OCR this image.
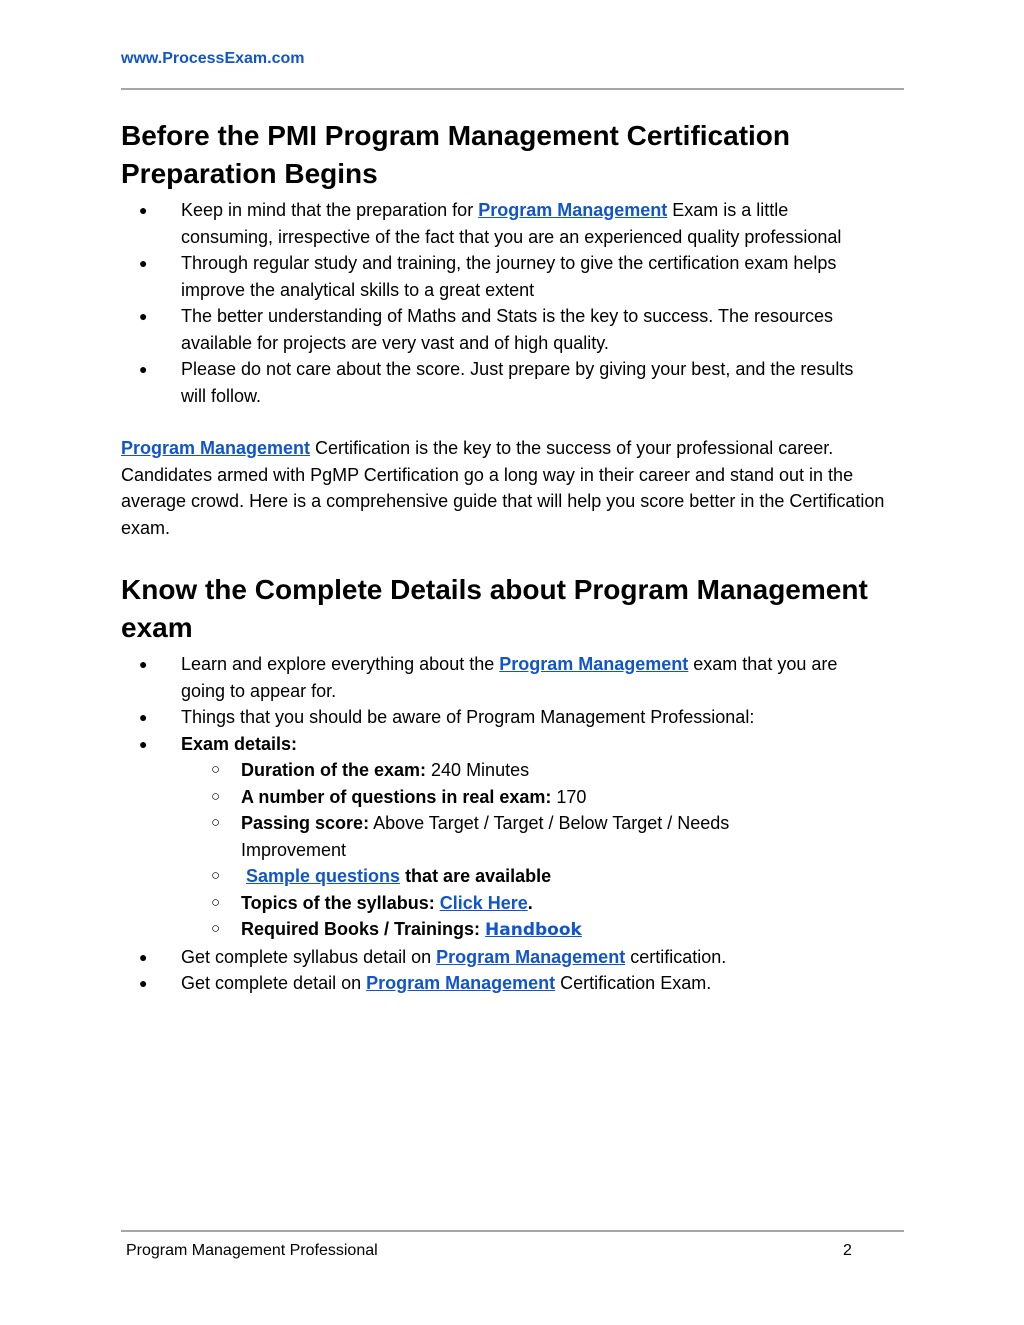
www.ProcessExam.com
Before the PMI Program Management Certification Preparation Begins
● Keep in mind that the preparation for Program Management Exam is a little consuming, irrespective of the fact that you are an experienced quality professional
● Through regular study and training, the journey to give the certification exam helps improve the analytical skills to a great extent
● The better understanding of Maths and Stats is the key to success. The resources available for projects are very vast and of high quality.
● Please do not care about the score. Just prepare by giving your best, and the results will follow.
Program Management Certification is the key to the success of your professional career. Candidates armed with PgMP Certification go a long way in their career and stand out in the average crowd. Here is a comprehensive guide that will help you score better in the Certification exam.
Know the Complete Details about Program Management exam
● Learn and explore everything about the Program Management exam that you are going to appear for.
● Things that you should be aware of Program Management Professional:
● Exam details:
○ Duration of the exam: 240 Minutes
○ A number of questions in real exam: 170
○ Passing score: Above Target / Target / Below Target / Needs Improvement
○ Sample questions that are available
○ Topics of the syllabus: Click Here.
○ Required Books / Trainings: Handbook
● Get complete syllabus detail on Program Management certification.
● Get complete detail on Program Management Certification Exam.
Program Management Professional	2
